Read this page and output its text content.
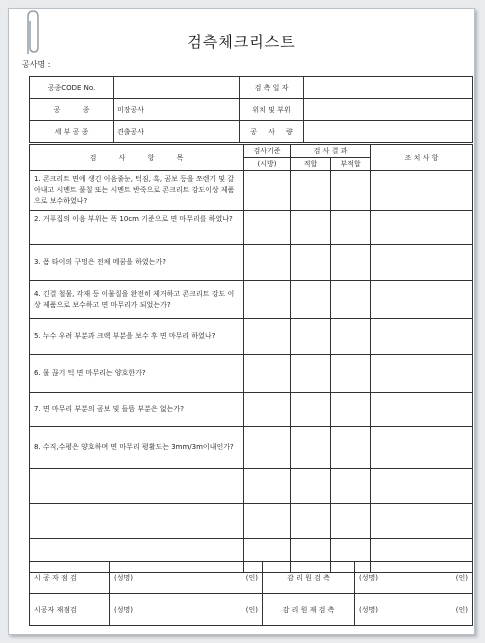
검측체크리스트
공사명 :
공종CODE No.		검 측 일 자	
공          종	미장공사	위치 및 부위	
세 부 공 종	견출공사	공     사     량	
검          사          항          목	검사기준	검 사 결 과		조 치 사 항
	(시방)	적합	부적합	
1. 콘크리트 면에 생긴 이음줄눈, 턱짐, 흑, 곰보 등을 쪼렌기 및 갈아내고 시멘트 풀칠 또는 시멘트 반죽으로 콘크리트 강도이상 제품으로 보수하였나?				
2. 거푸집의 이음 부위는 폭 10cm 기준으로 면 마무리를 하였나?				
3. 폼 타이의 구멍은 전체 메꿈을 하였는가?				
4. 긴결 철물, 각재 등 이물질을 완전히 제거하고 콘크리트 강도 이상 제품으로 보수하고 면 마무리가 되었는가?				
5. 누수 우려 부분과 크랙 부분을 보수 후 면 마무리 하였나?				
6. 물 끊기 턱 면 마무리는 양호한가?				
7. 면 마무리 부분의 곰보 및 들뜸 부분은 없는가?				
8. 수직,수평은 양호하며 면 마무리 평활도는 3mm/3m이내인가?				

시 공 자 점 검	(성명)	(인)	감 리 원 검 측	(성명)	(인)
시공자 재점검	(성명)	(인)	감 리 원 재 검 측	(성명)	(인)
